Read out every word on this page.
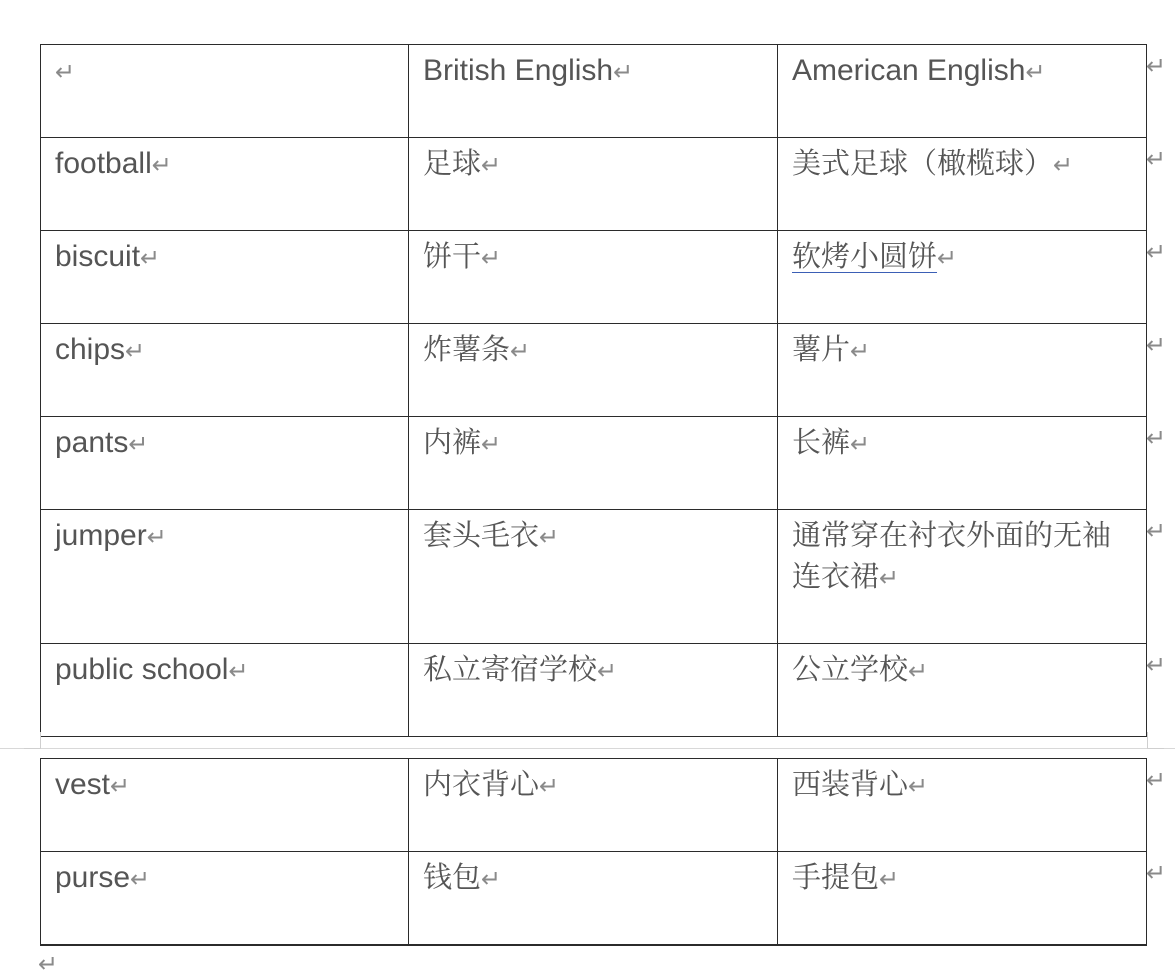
↵	British English↵	American English↵
football↵	足球↵	美式足球（橄榄球）↵
biscuit↵	饼干↵	软烤小圆饼↵
chips↵	炸薯条↵	薯片↵
pants↵	内裤↵	长裤↵
jumper↵	套头毛衣↵	通常穿在衬衣外面的无袖连衣裙↵
public school↵	私立寄宿学校↵	公立学校↵
vest↵	内衣背心↵	西装背心↵
purse↵	钱包↵	手提包↵
↵
↵
↵
↵
↵
↵
↵
↵
↵
↵
